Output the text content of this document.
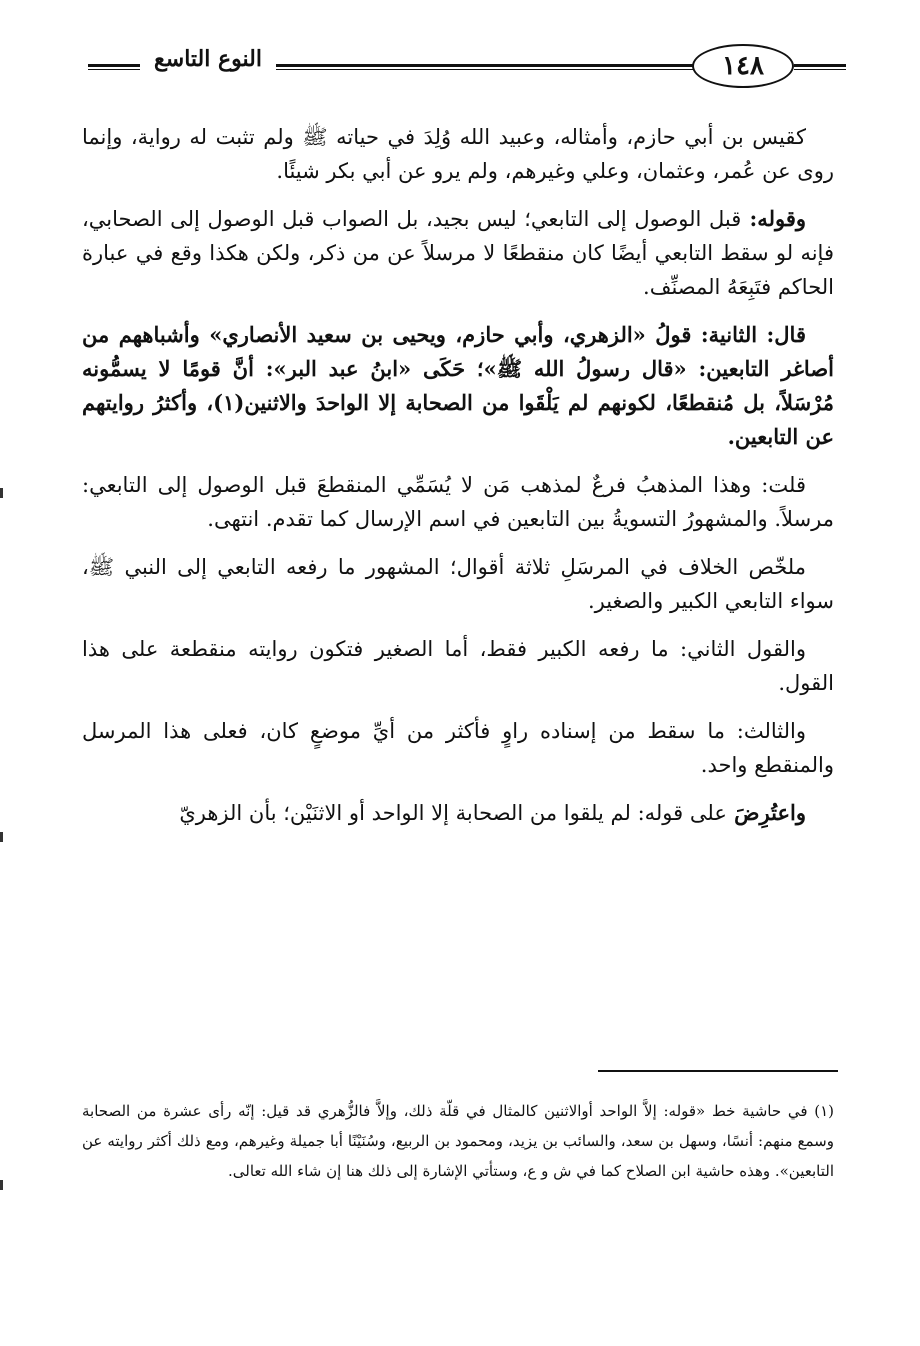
النوع التاسع	١٤٨

كقيس بن أبي حازم، وأمثاله، وعبيد الله وُلِدَ في حياته ﷺ ولم تثبت له رواية، وإنما روى عن عُمر، وعثمان، وعلي وغيرهم، ولم يرو عن أبي بكر شيئًا.

وقوله: قبل الوصول إلى التابعي؛ ليس بجيد، بل الصواب قبل الوصول إلى الصحابي، فإنه لو سقط التابعي أيضًا كان منقطعًا لا مرسلاً عن من ذكر، ولكن هكذا وقع في عبارة الحاكم فتَبِعَهُ المصنِّف.

قال: الثانية: قولُ «الزهري، وأبي حازم، ويحيى بن سعيد الأنصاري» وأشباههم من أصاغر التابعين: «قال رسولُ الله ﷺ»؛ حَكَى «ابنُ عبد البر»: أنَّ قومًا لا يسمُّونه مُرْسَلاً، بل مُنقطعًا، لكونهم لم يَلْقَوا من الصحابة إلا الواحدَ والاثنين(١)، وأكثرُ روايتهم عن التابعين.

قلت: وهذا المذهبُ فرعٌ لمذهب مَن لا يُسَمِّي المنقطعَ قبل الوصول إلى التابعي: مرسلاً. والمشهورُ التسويةُ بين التابعين في اسم الإرسال كما تقدم. انتهى.

ملخّص الخلاف في المرسَلِ ثلاثة أقوال؛ المشهور ما رفعه التابعي إلى النبي ﷺ، سواء التابعي الكبير والصغير.

والقول الثاني: ما رفعه الكبير فقط، أما الصغير فتكون روايته منقطعة على هذا القول.

والثالث: ما سقط من إسناده راوٍ فأكثر من أيِّ موضعٍ كان، فعلى هذا المرسل والمنقطع واحد.

واعتُرِضَ على قوله: لم يلقوا من الصحابة إلا الواحد أو الاثنَيْن؛ بأن الزهريّ

(١) في حاشية خط «قوله: إلاَّ الواحد أوالاثنين كالمثال في قلّة ذلك، وإلاَّ فالزُّهري قد قيل: إنّه رأى عشرة من الصحابة وسمع منهم: أنسًا، وسهل بن سعد، والسائب بن يزيد، ومحمود بن الربيع، وسُنَيْنًا أبا جميلة وغيرهم، ومع ذلك أكثر روايته عن التابعين». وهذه حاشية ابن الصلاح كما في ش و ع، وستأتي الإشارة إلى ذلك هنا إن شاء الله تعالى.
